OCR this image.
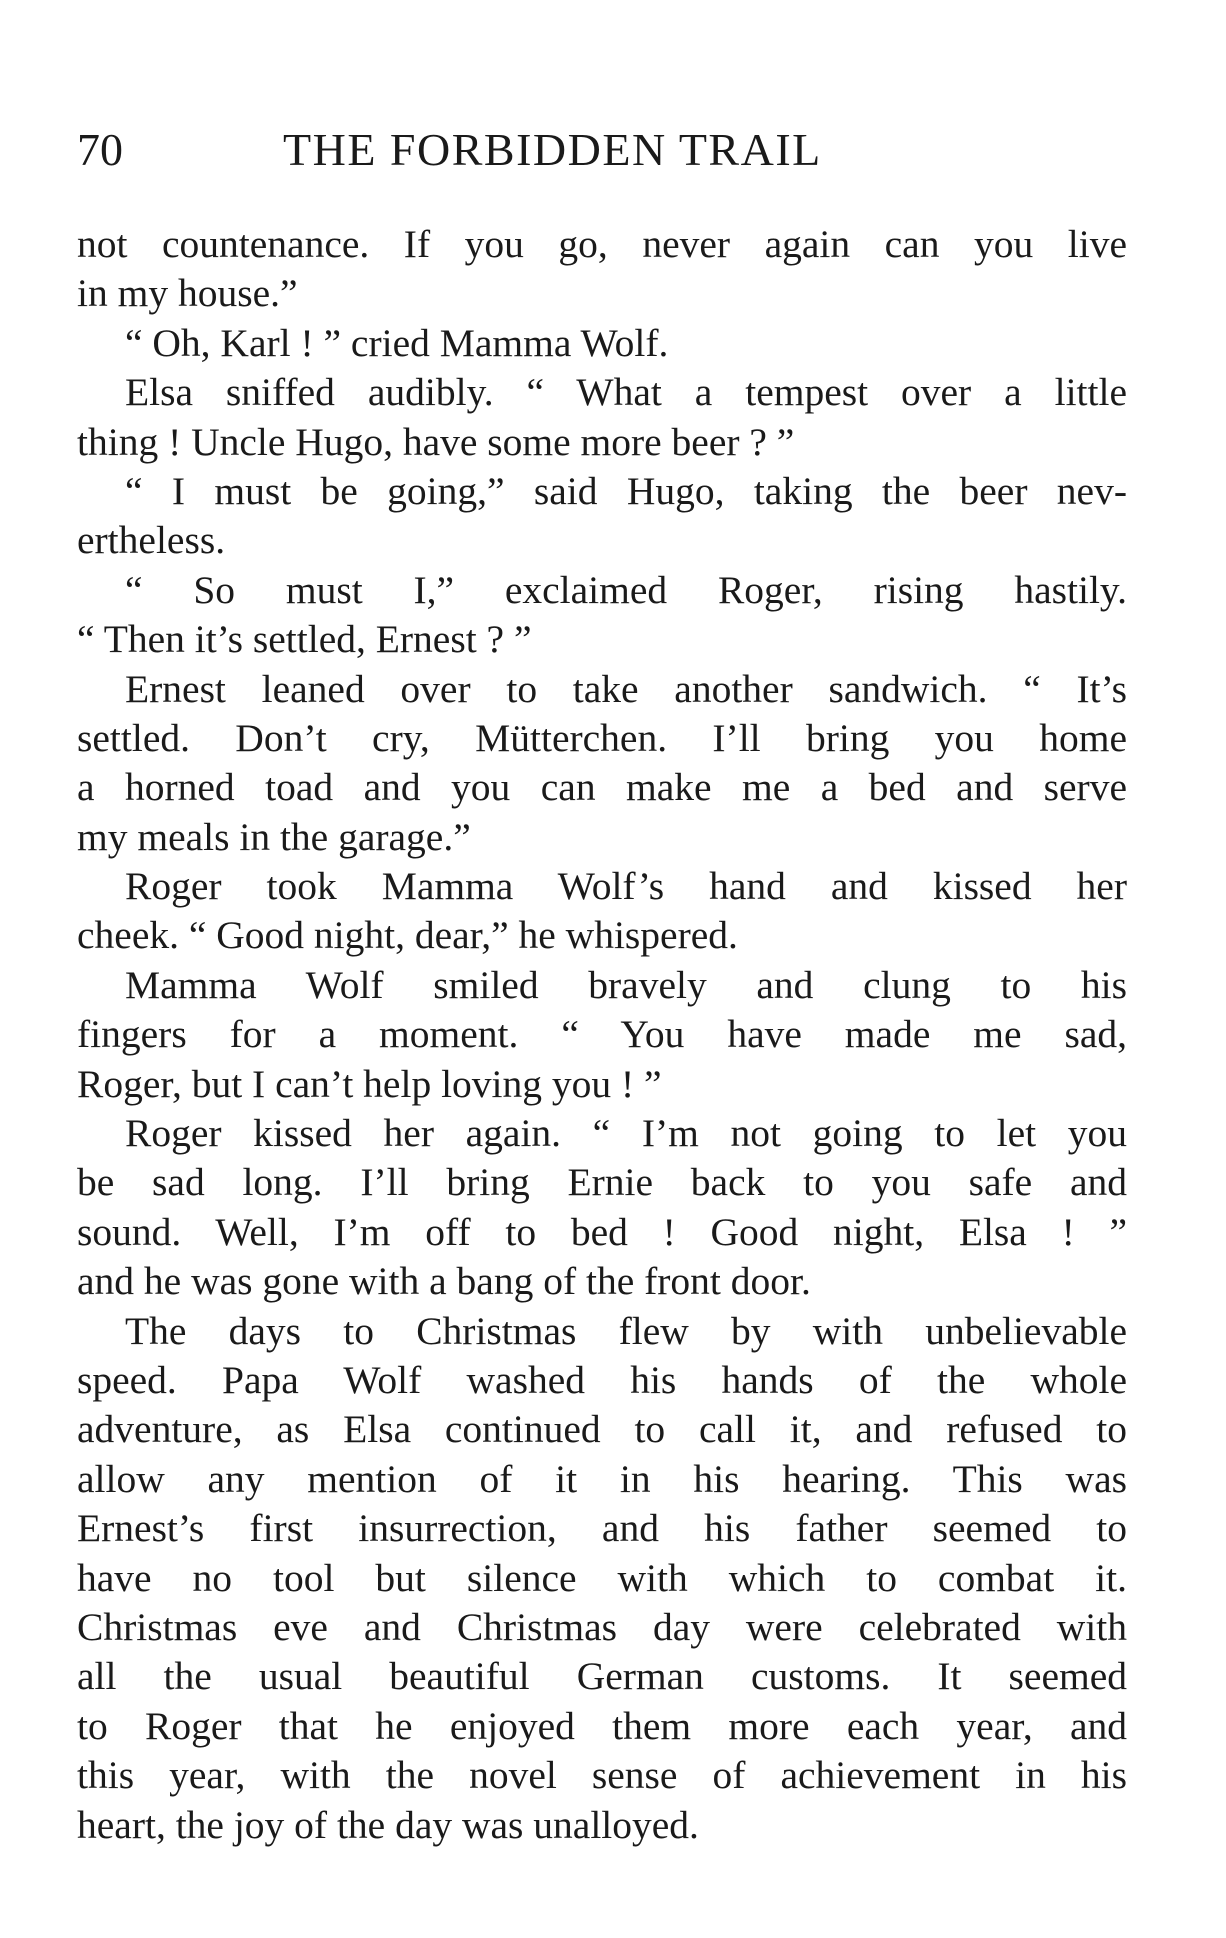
70	THE FORBIDDEN TRAIL
not countenance. If you go, never again can you live
in my house.”
“ Oh, Karl ! ” cried Mamma Wolf.
Elsa sniffed audibly. “ What a tempest over a little
thing ! Uncle Hugo, have some more beer ? ”
“ I must be going,” said Hugo, taking the beer nev-
ertheless.
“ So must I,” exclaimed Roger, rising hastily.
“ Then it’s settled, Ernest ? ”
Ernest leaned over to take another sandwich. “ It’s
settled. Don’t cry, Mütterchen. I’ll bring you home
a horned toad and you can make me a bed and serve
my meals in the garage.”
Roger took Mamma Wolf’s hand and kissed her
cheek. “ Good night, dear,” he whispered.
Mamma Wolf smiled bravely and clung to his
fingers for a moment. “ You have made me sad,
Roger, but I can’t help loving you ! ”
Roger kissed her again. “ I’m not going to let you
be sad long. I’ll bring Ernie back to you safe and
sound. Well, I’m off to bed ! Good night, Elsa ! ”
and he was gone with a bang of the front door.
The days to Christmas flew by with unbelievable
speed. Papa Wolf washed his hands of the whole
adventure, as Elsa continued to call it, and refused to
allow any mention of it in his hearing. This was
Ernest’s first insurrection, and his father seemed to
have no tool but silence with which to combat it.
Christmas eve and Christmas day were celebrated with
all the usual beautiful German customs. It seemed
to Roger that he enjoyed them more each year, and
this year, with the novel sense of achievement in his
heart, the joy of the day was unalloyed.
